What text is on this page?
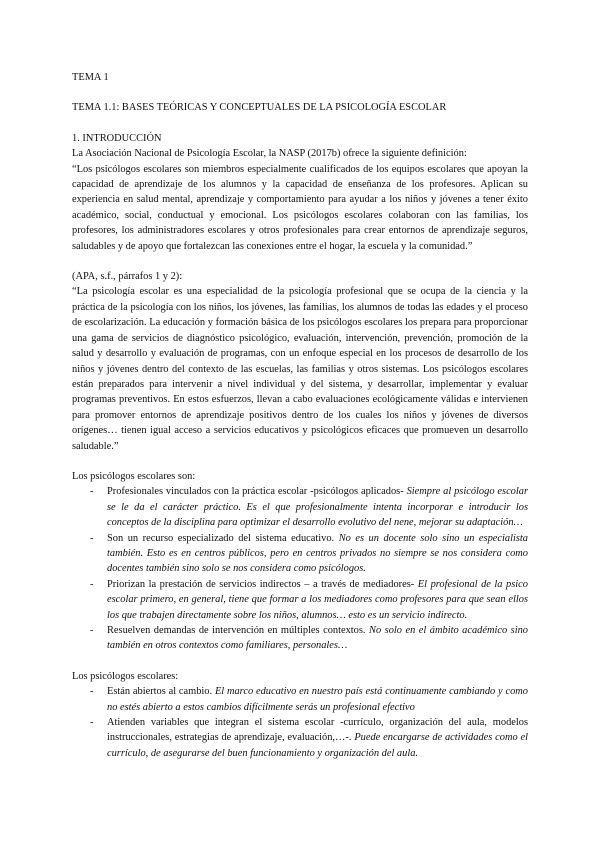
TEMA 1

TEMA 1.1: BASES TEÓRICAS Y CONCEPTUALES DE LA PSICOLOGÍA ESCOLAR

1. INTRODUCCIÓN

La Asociación Nacional de Psicología Escolar, la NASP (2017b) ofrece la siguiente definición:

“Los psicólogos escolares son miembros especialmente cualificados de los equipos escolares que apoyan la capacidad de aprendizaje de los alumnos y la capacidad de enseñanza de los profesores. Aplican su experiencia en salud mental, aprendizaje y comportamiento para ayudar a los niños y jóvenes a tener éxito académico, social, conductual y emocional. Los psicólogos escolares colaboran con las familias, los profesores, los administradores escolares y otros profesionales para crear entornos de aprendizaje seguros, saludables y de apoyo que fortalezcan las conexiones entre el hogar, la escuela y la comunidad.”

(APA, s.f., párrafos 1 y 2):

“La psicología escolar es una especialidad de la psicología profesional que se ocupa de la ciencia y la práctica de la psicología con los niños, los jóvenes, las familias, los alumnos de todas las edades y el proceso de escolarización. La educación y formación básica de los psicólogos escolares los prepara para proporcionar una gama de servicios de diagnóstico psicológico, evaluación, intervención, prevención, promoción de la salud y desarrollo y evaluación de programas, con un enfoque especial en los procesos de desarrollo de los niños y jóvenes dentro del contexto de las escuelas, las familias y otros sistemas. Los psicólogos escolares están preparados para intervenir a nivel individual y del sistema, y desarrollar, implementar y evaluar programas preventivos. En estos esfuerzos, llevan a cabo evaluaciones ecológicamente válidas e intervienen para promover entornos de aprendizaje positivos dentro de los cuales los niños y jóvenes de diversos orígenes… tienen igual acceso a servicios educativos y psicológicos eficaces que promueven un desarrollo saludable.”

Los psicólogos escolares son:

- Profesionales vinculados con la práctica escolar -psicólogos aplicados- Siempre al psicólogo escolar se le da el carácter práctico. Es el que profesionalmente intenta incorporar e introducir los conceptos de la disciplina para optimizar el desarrollo evolutivo del nene, mejorar su adaptación…
- Son un recurso especializado del sistema educativo. No es un docente solo sino un especialista también. Esto es en centros públicos, pero en centros privados no siempre se nos considera como docentes también sino solo se nos considera como psicólogos.
- Priorizan la prestación de servicios indirectos – a través de mediadores- El profesional de la psico escolar primero, en general, tiene que formar a los mediadores como profesores para que sean ellos los que trabajen directamente sobre los niños, alumnos… esto es un servicio indirecto.
- Resuelven demandas de intervención en múltiples contextos. No solo en el ámbito académico sino también en otros contextos como familiares, personales…

Los psicólogos escolares:

- Están abiertos al cambio. El marco educativo en nuestro país está continuamente cambiando y como no estés abierto a estos cambios difícilmente serás un profesional efectivo
- Atienden variables que integran el sistema escolar -currículo, organización del aula, modelos instruccionales, estrategias de aprendizaje, evaluación,…-. Puede encargarse de actividades como el currículo, de asegurarse del buen funcionamiento y organización del aula.
